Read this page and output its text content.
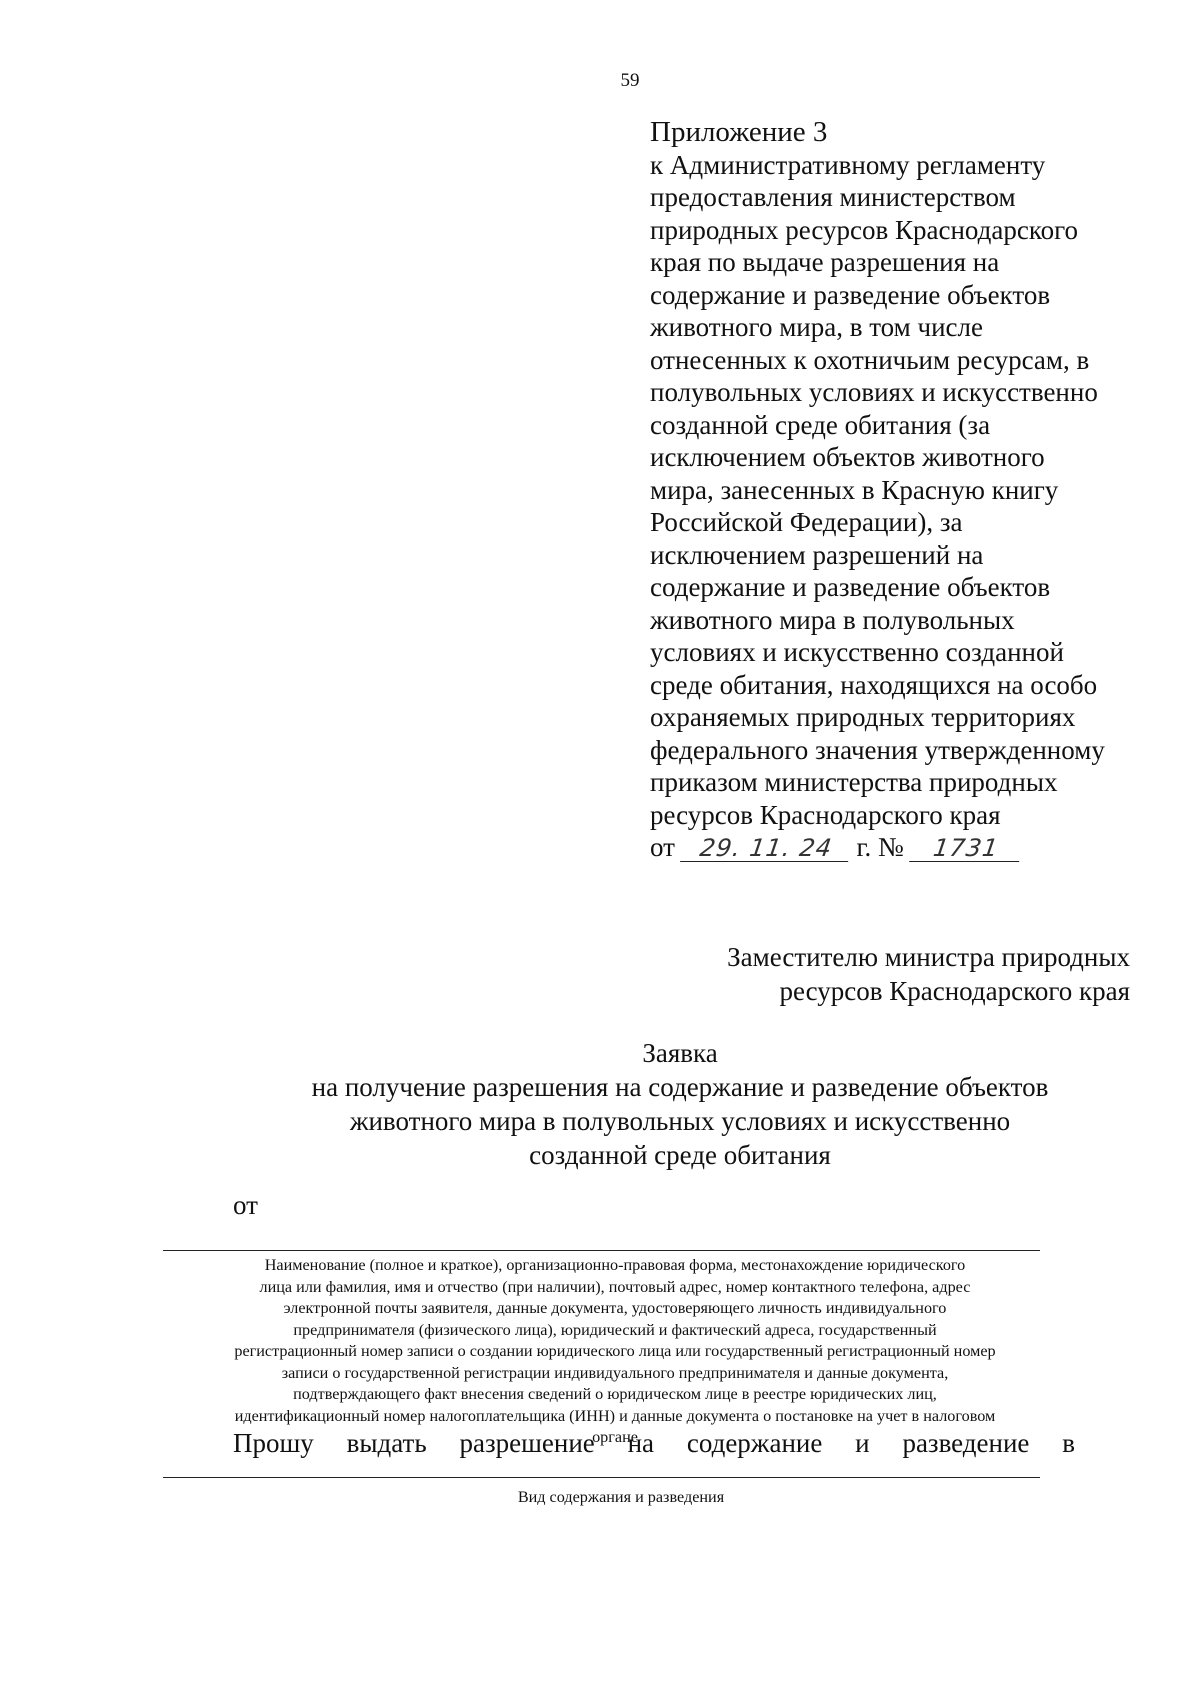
59
Приложение 3
к Административному регламенту
предоставления министерством
природных ресурсов Краснодарского
края по выдаче разрешения на
содержание и разведение объектов
животного мира, в том числе
отнесенных к охотничьим ресурсам, в
полувольных условиях и искусственно
созданной среде обитания (за
исключением объектов животного
мира, занесенных в Красную книгу
Российской Федерации), за
исключением разрешений на
содержание и разведение объектов
животного мира в полувольных
условиях и искусственно созданной
среде обитания, находящихся на особо
охраняемых природных территориях
федерального значения утвержденному
приказом министерства природных
ресурсов Краснодарского края
от 29. 11. 24 г. № 1731
Заместителю министра природных
ресурсов Краснодарского края
Заявка
на получение разрешения на содержание и разведение объектов
животного мира в полувольных условиях и искусственно
созданной среде обитания
от
Наименование (полное и краткое), организационно-правовая форма, местонахождение юридического
лица или фамилия, имя и отчество (при наличии), почтовый адрес, номер контактного телефона, адрес
электронной почты заявителя, данные документа, удостоверяющего личность индивидуального
предпринимателя (физического лица), юридический и фактический адреса, государственный
регистрационный номер записи о создании юридического лица или государственный регистрационный номер
записи о государственной регистрации индивидуального предпринимателя и данные документа,
подтверждающего факт внесения сведений о юридическом лице в реестре юридических лиц,
идентификационный номер налогоплательщика (ИНН) и данные документа о постановке на учет в налоговом
органе
Прошу выдать разрешение на содержание и разведение в
Вид содержания и разведения
